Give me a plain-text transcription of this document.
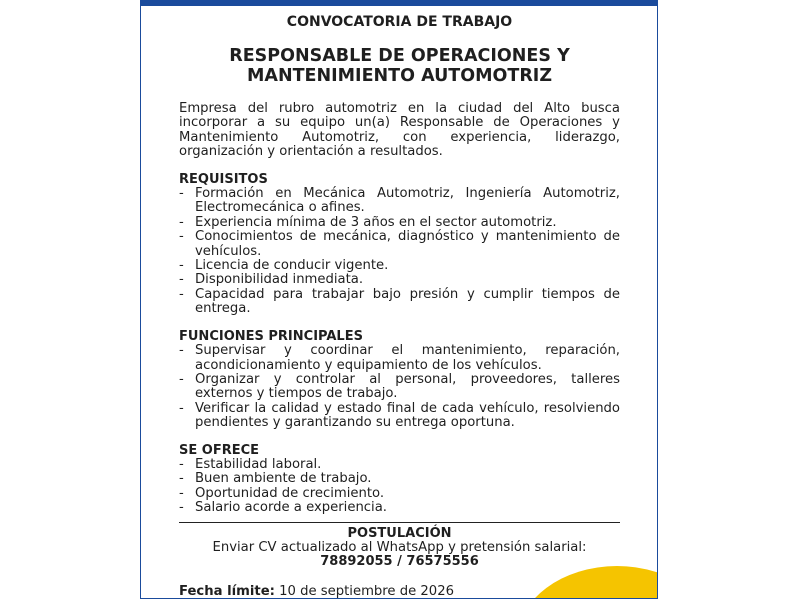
CONVOCATORIA DE TRABAJO

RESPONSABLE DE OPERACIONES Y
MANTENIMIENTO AUTOMOTRIZ

Empresa del rubro automotriz en la ciudad del Alto busca incorporar a su equipo un(a) Responsable de Operaciones y Mantenimiento Automotriz, con experiencia, liderazgo, organización y orientación a resultados.

REQUISITOS
- Formación en Mecánica Automotriz, Ingeniería Automotriz, Electromecánica o afines.
- Experiencia mínima de 3 años en el sector automotriz.
- Conocimientos de mecánica, diagnóstico y mantenimiento de vehículos.
- Licencia de conducir vigente.
- Disponibilidad inmediata.
- Capacidad para trabajar bajo presión y cumplir tiempos de entrega.
FUNCIONES PRINCIPALES
- Supervisar y coordinar el mantenimiento, reparación, acondicionamiento y equipamiento de los vehículos.
- Organizar y controlar al personal, proveedores, talleres externos y tiempos de trabajo.
- Verificar la calidad y estado final de cada vehículo, resolviendo pendientes y garantizando su entrega oportuna.
SE OFRECE
- Estabilidad laboral.
- Buen ambiente de trabajo.
- Oportunidad de crecimiento.
- Salario acorde a experiencia.
POSTULACIÓN
Enviar CV actualizado al WhatsApp y pretensión salarial:
78892055 / 76575556
Fecha límite: 10 de septiembre de 2026
